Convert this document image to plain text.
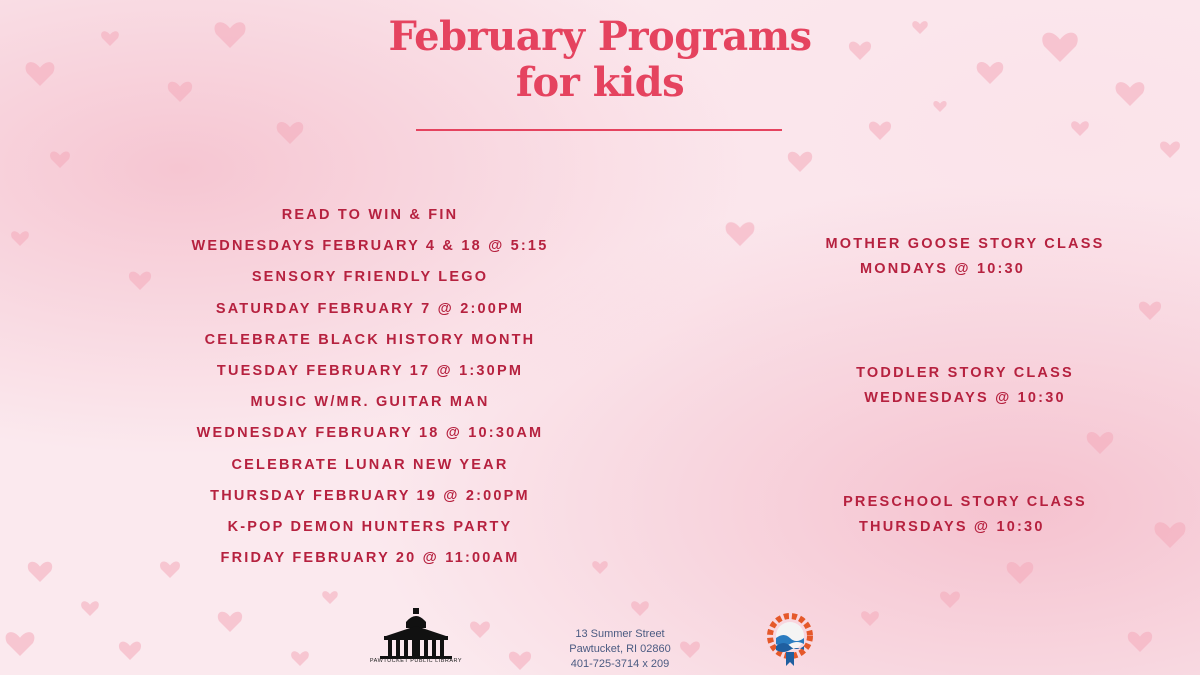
February Programs
for kids
READ TO WIN & FIN
WEDNESDAYS FEBRUARY 4 & 18 @ 5:15
SENSORY FRIENDLY LEGO
SATURDAY FEBRUARY 7 @ 2:00PM
CELEBRATE BLACK HISTORY MONTH
TUESDAY FEBRUARY 17 @ 1:30PM
MUSIC W/MR. GUITAR MAN
WEDNESDAY FEBRUARY 18 @ 10:30AM
CELEBRATE LUNAR NEW YEAR
THURSDAY FEBRUARY 19 @ 2:00PM
K-POP DEMON HUNTERS PARTY
FRIDAY FEBRUARY 20 @ 11:00AM
MOTHER GOOSE STORY CLASS
MONDAYS @ 10:30
TODDLER STORY CLASS
WEDNESDAYS @ 10:30
PRESCHOOL STORY CLASS
THURSDAYS @ 10:30
PAWTUCKET PUBLIC LIBRARY
13 Summer Street
Pawtucket, RI 02860
401-725-3714 x 209
